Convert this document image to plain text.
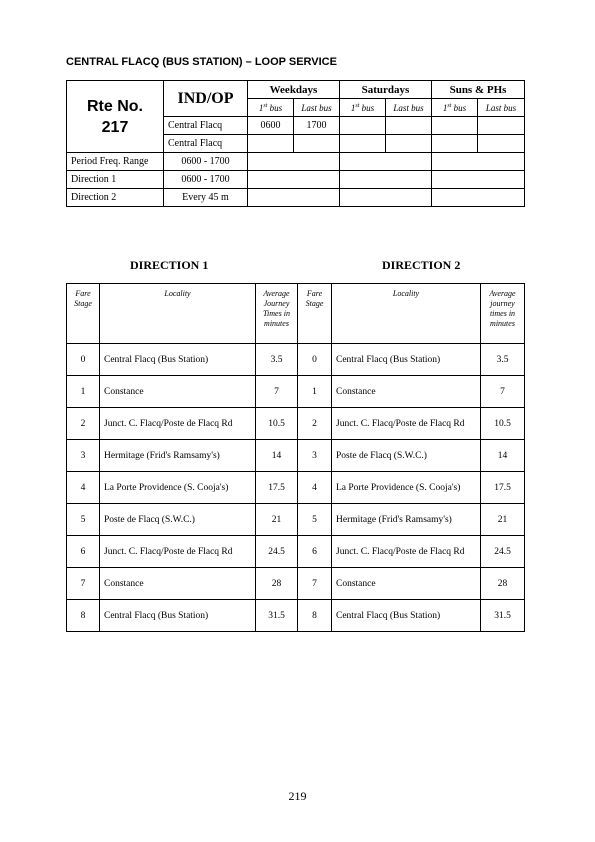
CENTRAL FLACQ (BUS STATION) – LOOP SERVICE
Rte No.
217	IND/OP	Weekdays		Saturdays		Suns & PHs	
		1st bus	Last bus	1st bus	Last bus	1st bus	Last bus
	Central Flacq	0600	1700				
	Central Flacq						
Period Freq. Range	0600 - 1700						
Direction 1	0600 - 1700						
Direction 2	Every 45 m						
DIRECTION 1	DIRECTION 2
Fare Stage	Locality	Average Journey Times in minutes	Fare Stage	Locality	Average journey times in minutes
0	Central Flacq (Bus Station)	3.5	0	Central Flacq (Bus Station)	3.5
1	Constance	7	1	Constance	7
2	Junct. C. Flacq/Poste de Flacq Rd	10.5	2	Junct. C. Flacq/Poste de Flacq Rd	10.5
3	Hermitage (Frid's Ramsamy's)	14	3	Poste de Flacq (S.W.C.)	14
4	La Porte Providence (S. Cooja's)	17.5	4	La Porte Providence (S. Cooja's)	17.5
5	Poste de Flacq (S.W.C.)	21	5	Hermitage (Frid's Ramsamy's)	21
6	Junct. C. Flacq/Poste de Flacq Rd	24.5	6	Junct. C. Flacq/Poste de Flacq Rd	24.5
7	Constance	28	7	Constance	28
8	Central Flacq (Bus Station)	31.5	8	Central Flacq (Bus Station)	31.5
219
